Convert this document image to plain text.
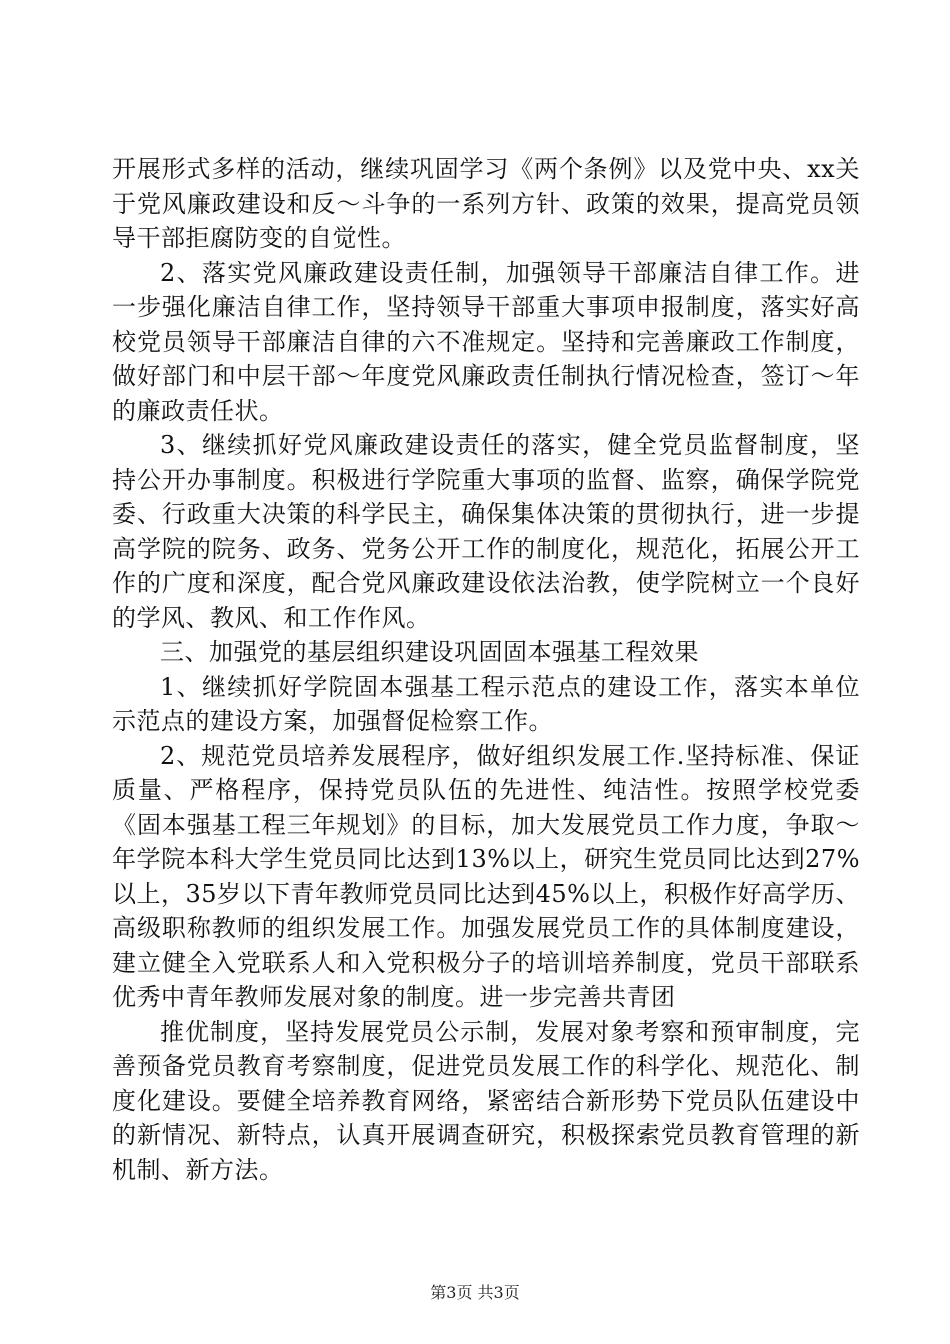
开展形式多样的活动，继续巩固学习《两个条例》以及党中央、xx关于党风廉政建设和反～斗争的一系列方针、政策的效果，提高党员领导干部拒腐防变的自觉性。

2、落实党风廉政建设责任制，加强领导干部廉洁自律工作。进一步强化廉洁自律工作，坚持领导干部重大事项申报制度，落实好高校党员领导干部廉洁自律的六不准规定。坚持和完善廉政工作制度，做好部门和中层干部～年度党风廉政责任制执行情况检查，签订～年的廉政责任状。

3、继续抓好党风廉政建设责任的落实，健全党员监督制度，坚持公开办事制度。积极进行学院重大事项的监督、监察，确保学院党委、行政重大决策的科学民主，确保集体决策的贯彻执行，进一步提高学院的院务、政务、党务公开工作的制度化，规范化，拓展公开工作的广度和深度，配合党风廉政建设依法治教，使学院树立一个良好的学风、教风、和工作作风。

三、加强党的基层组织建设巩固固本强基工程效果

1、继续抓好学院固本强基工程示范点的建设工作，落实本单位示范点的建设方案，加强督促检察工作。

2、规范党员培养发展程序，做好组织发展工作.坚持标准、保证质量、严格程序，保持党员队伍的先进性、纯洁性。按照学校党委《固本强基工程三年规划》的目标，加大发展党员工作力度，争取～年学院本科大学生党员同比达到13%以上，研究生党员同比达到27%以上，35岁以下青年教师党员同比达到45%以上，积极作好高学历、高级职称教师的组织发展工作。加强发展党员工作的具体制度建设，建立健全入党联系人和入党积极分子的培训培养制度，党员干部联系优秀中青年教师发展对象的制度。进一步完善共青团

推优制度，坚持发展党员公示制，发展对象考察和预审制度，完善预备党员教育考察制度，促进党员发展工作的科学化、规范化、制度化建设。要健全培养教育网络，紧密结合新形势下党员队伍建设中的新情况、新特点，认真开展调查研究，积极探索党员教育管理的新机制、新方法。

第3页 共3页
